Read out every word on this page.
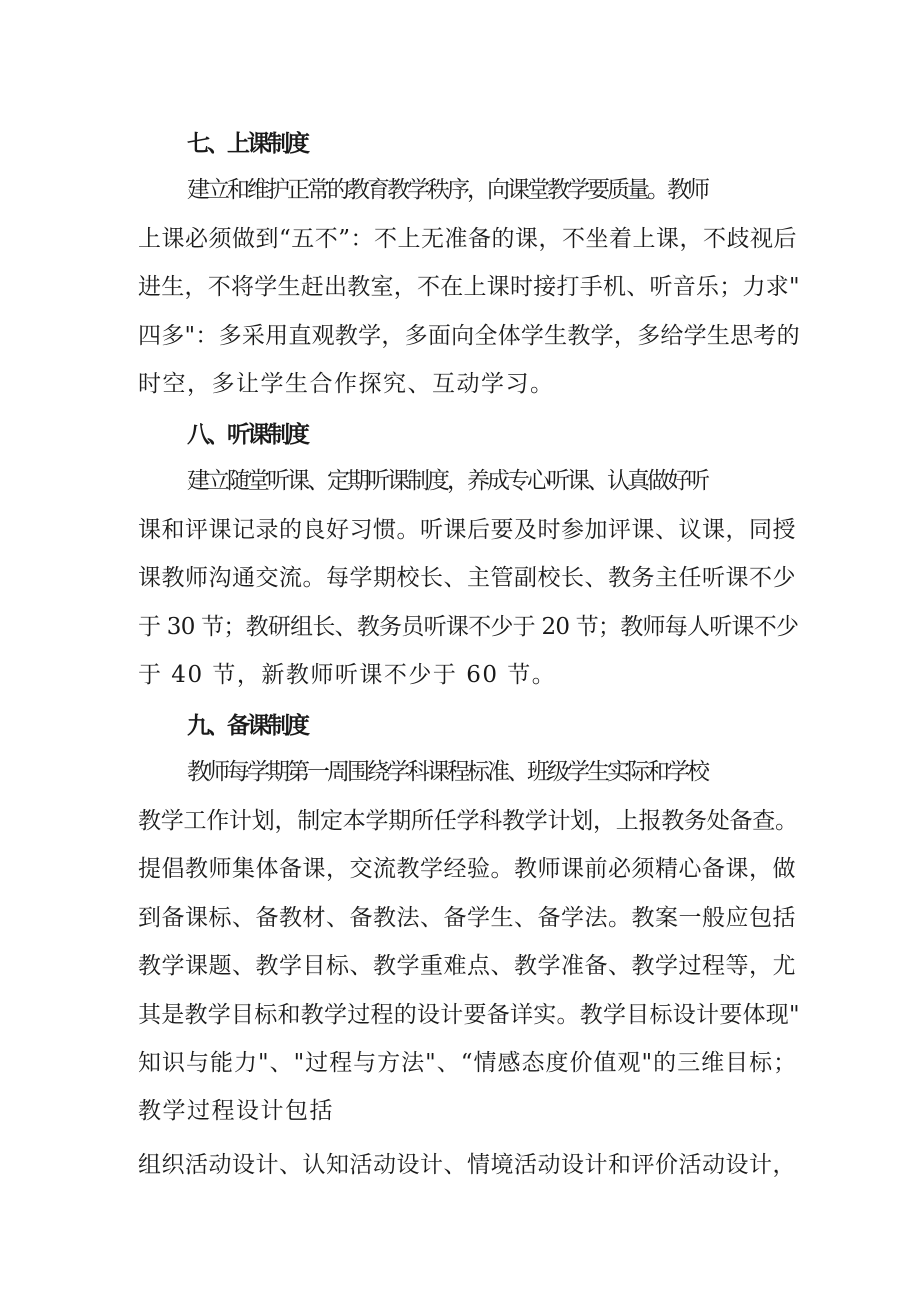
七、上课制度

建立和维护正常的教育教学秩序，向课堂教学要质量。教师

上课必须做到“五不”：不上无准备的课，不坐着上课，不歧视后

进生，不将学生赶出教室，不在上课时接打手机、听音乐；力求"

四多"：多采用直观教学，多面向全体学生教学，多给学生思考的

时空，多让学生合作探究、互动学习。

八、听课制度

建立随堂听课、定期听课制度，养成专心听课、认真做好听

课和评课记录的良好习惯。听课后要及时参加评课、议课，同授

课教师沟通交流。每学期校长、主管副校长、教务主任听课不少

于 30 节；教研组长、教务员听课不少于 20 节；教师每人听课不少

于 40 节，新教师听课不少于 60 节。

九、备课制度

教师每学期第一周围绕学科课程标准、班级学生实际和学校

教学工作计划，制定本学期所任学科教学计划，上报教务处备查。

提倡教师集体备课，交流教学经验。教师课前必须精心备课，做

到备课标、备教材、备教法、备学生、备学法。教案一般应包括

教学课题、教学目标、教学重难点、教学准备、教学过程等，尤

其是教学目标和教学过程的设计要备详实。教学目标设计要体现"

知识与能力"、"过程与方法"、“情感态度价值观"的三维目标；

教学过程设计包括

组织活动设计、认知活动设计、情境活动设计和评价活动设计，
